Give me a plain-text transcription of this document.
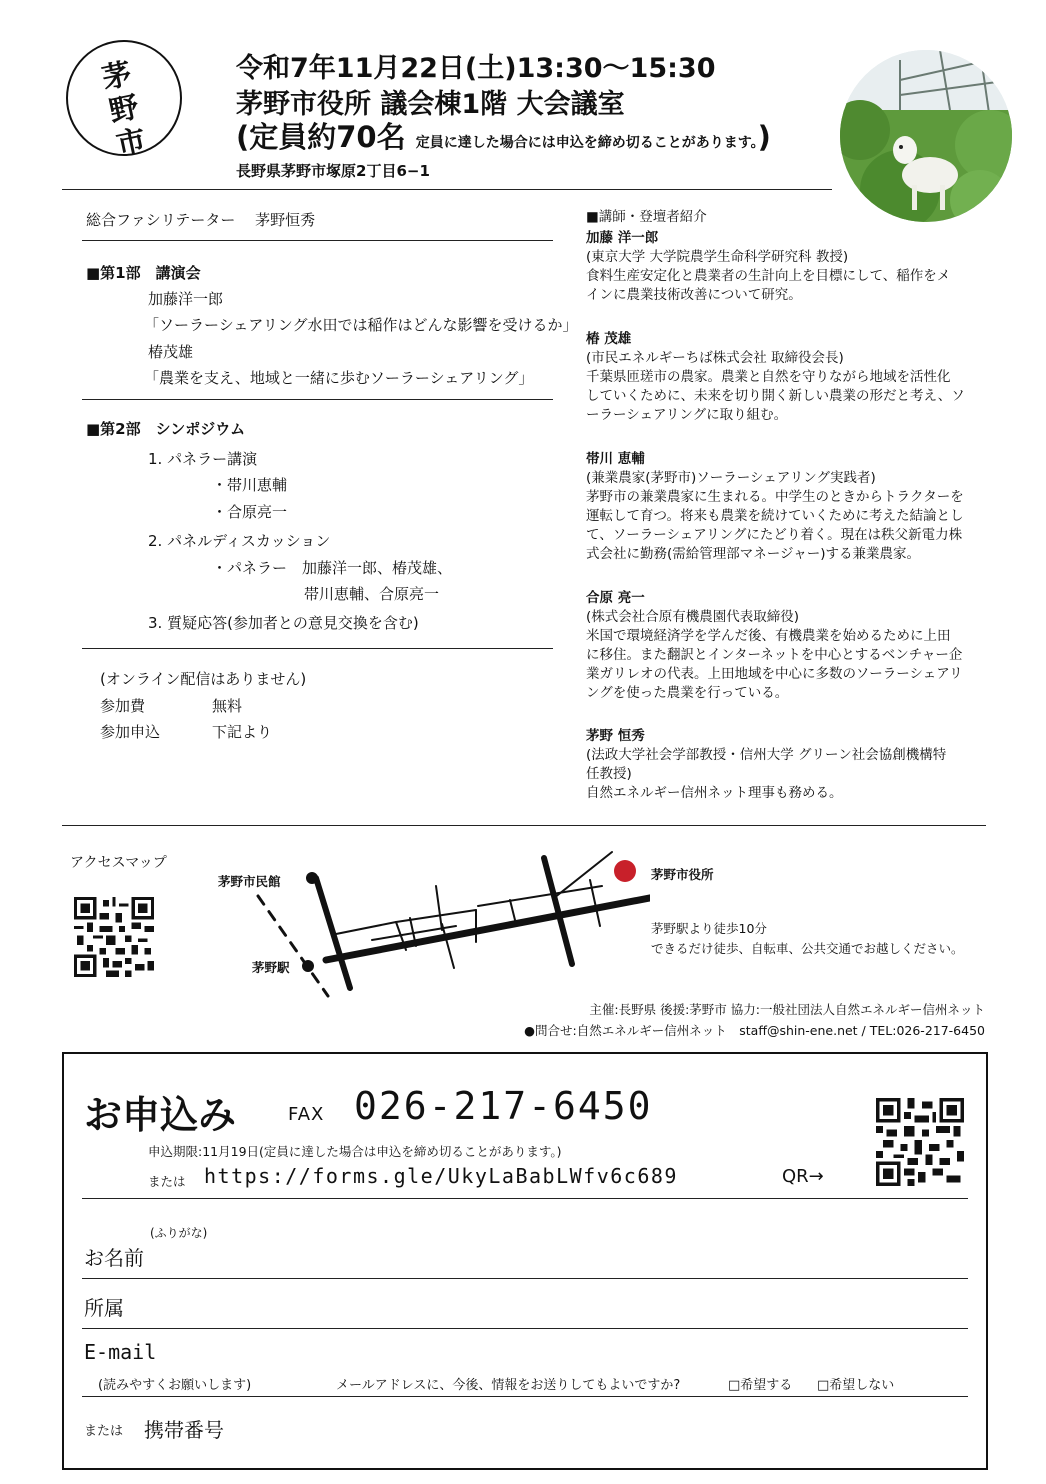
茅
野
市
令和7年11月22日(土)13:30〜15:30
茅野市役所 議会棟1階 大会議室
(定員約70名 定員に達した場合には申込を締め切ることがあります。)
長野県茅野市塚原2丁目6−1
総合ファシリテーター　 茅野恒秀
■第1部　講演会
加藤洋一郎
「ソーラーシェアリング水田では稲作はどんな影響を受けるか」
椿茂雄
「農業を支え、地域と一緒に歩むソーラーシェアリング」
■第2部　シンポジウム
1. パネラー講演
・帯川恵輔
・合原亮一
2. パネルディスカッション
・パネラー　加藤洋一郎、椿茂雄、
帯川恵輔、合原亮一
3. 質疑応答(参加者との意見交換を含む)
(オンライン配信はありません)
参加費	無料
参加申込	下記より
■講師・登壇者紹介
加藤 洋一郎
(東京大学 大学院農学生命科学研究科 教授)
食料生産安定化と農業者の生計向上を目標にして、稲作をメ
インに農業技術改善について研究。
椿 茂雄
(市民エネルギーちば株式会社 取締役会長)
千葉県匝瑳市の農家。農業と自然を守りながら地域を活性化
していくために、未来を切り開く新しい農業の形だと考え、ソ
ーラーシェアリングに取り組む。
帯川 恵輔
(兼業農家(茅野市)ソーラーシェアリング実践者)
茅野市の兼業農家に生まれる。中学生のときからトラクターを
運転して育つ。将来も農業を続けていくために考えた結論とし
て、ソーラーシェアリングにたどり着く。現在は秩父新電力株
式会社に勤務(需給管理部マネージャー)する兼業農家。
合原 亮一
(株式会社合原有機農園代表取締役)
米国で環境経済学を学んだ後、有機農業を始めるために上田
に移住。また翻訳とインターネットを中心とするベンチャー企
業ガリレオの代表。上田地域を中心に多数のソーラーシェアリ
ングを使った農業を行っている。
茅野 恒秀
(法政大学社会学部教授・信州大学 グリーン社会協創機構特
任教授)
自然エネルギー信州ネット理事も務める。
アクセスマップ
茅野市民館
茅野駅
茅野市役所
茅野駅より徒歩10分
できるだけ徒歩、自転車、公共交通でお越しください。
主催:長野県 後援:茅野市 協力:一般社団法人自然エネルギー信州ネット
●問合せ:自然エネルギー信州ネット　staff@shin-ene.net / TEL:026-217-6450
お申込み	FAX 026-217-6450
申込期限:11月19日(定員に達した場合は申込を締め切ることがあります。)
または https://forms.gle/UkyLaBabLWfv6c689	QR→
(ふりがな)
お名前
所属
E-mail
(読みやすくお願いします)	メールアドレスに、今後、情報をお送りしてもよいですか?	□希望する □希望しない
または 携帯番号
